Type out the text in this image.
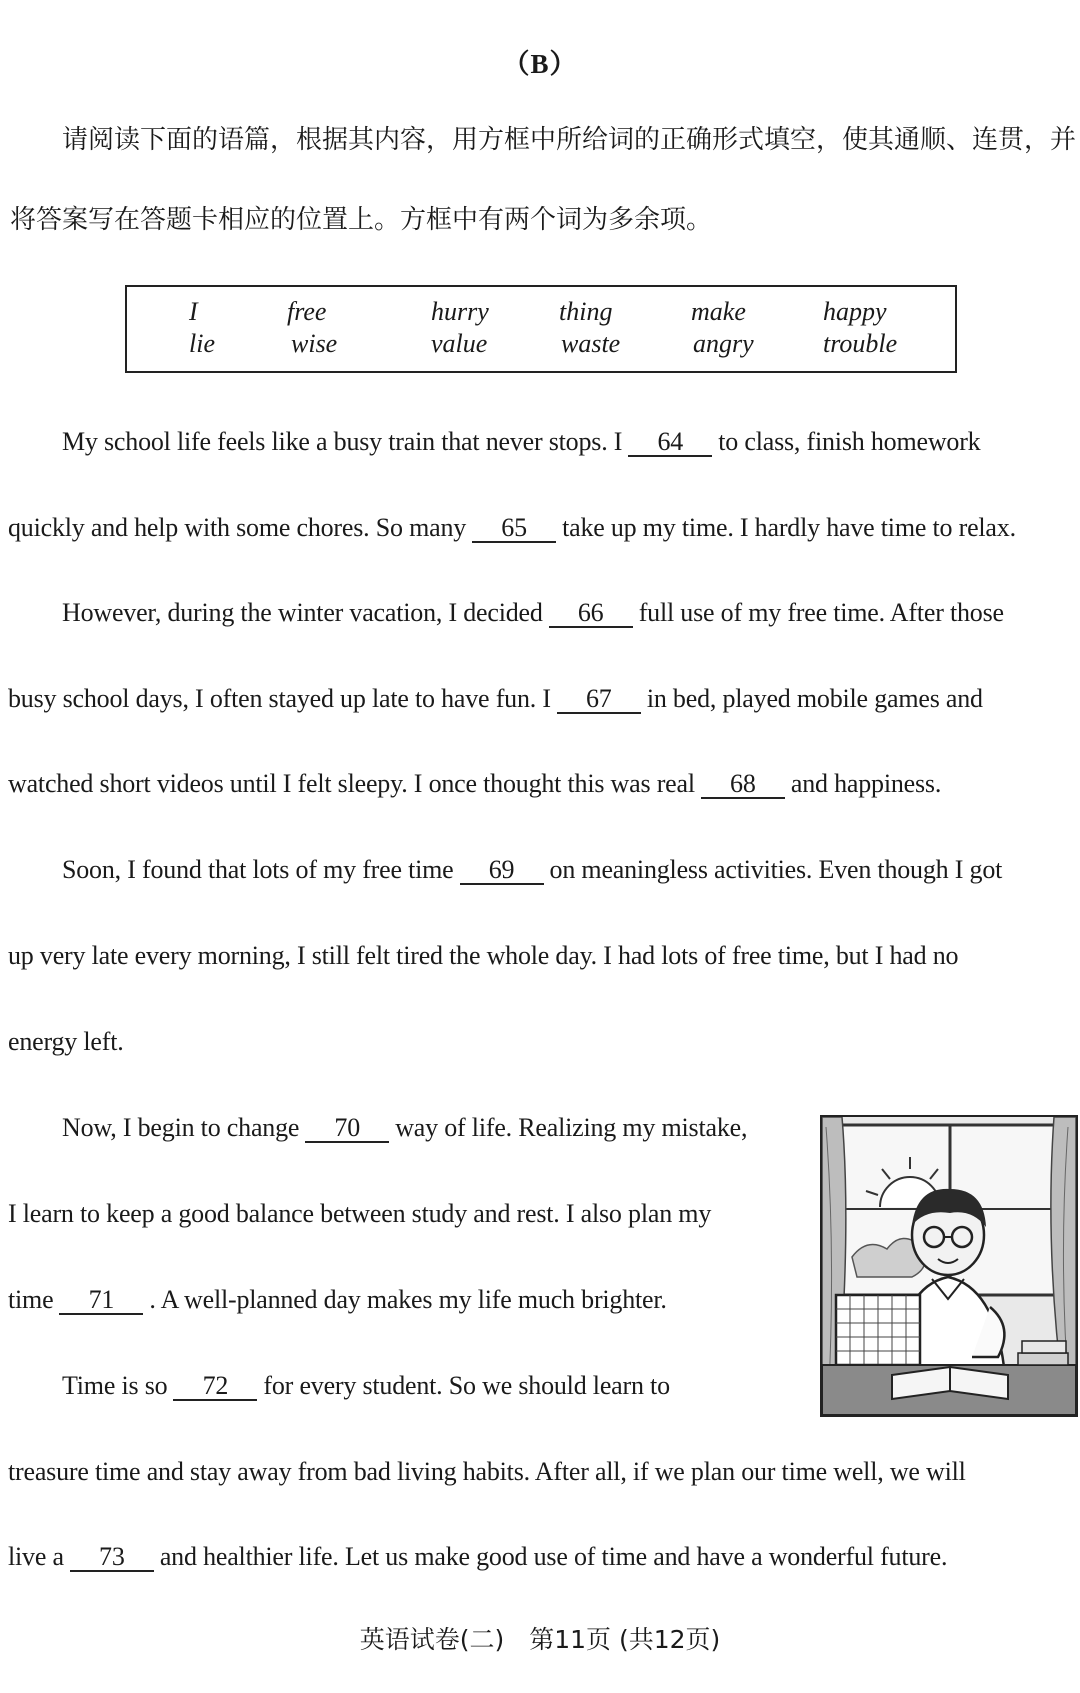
（B）
请阅读下面的语篇，根据其内容，用方框中所给词的正确形式填空，使其通顺、连贯，并
将答案写在答题卡相应的位置上。方框中有两个词为多余项。
I	free	hurry	thing	make	happy
lie	wise	value	waste	angry	trouble
My school life feels like a busy train that never stops. I 64 to class, finish homework
quickly and help with some chores. So many 65 take up my time. I hardly have time to relax.
However, during the winter vacation, I decided 66 full use of my free time. After those
busy school days, I often stayed up late to have fun. I 67 in bed, played mobile games and
watched short videos until I felt sleepy. I once thought this was real 68 and happiness.
Soon, I found that lots of my free time 69 on meaningless activities. Even though I got
up very late every morning, I still felt tired the whole day. I had lots of free time, but I had no
energy left.
Now, I begin to change 70 way of life. Realizing my mistake,
I learn to keep a good balance between study and rest. I also plan my
time 71 . A well-planned day makes my life much brighter.
Time is so 72 for every student. So we should learn to
treasure time and stay away from bad living habits. After all, if we plan our time well, we will
live a 73 and healthier life. Let us make good use of time and have a wonderful future.
英语试卷(二)　第11页 (共12页)
